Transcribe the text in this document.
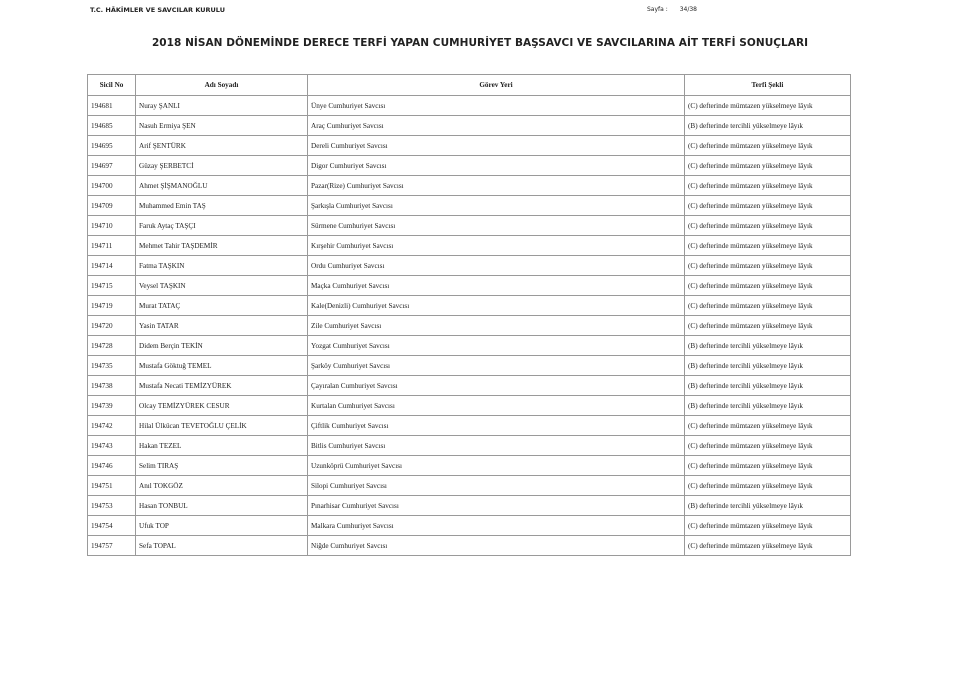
T.C. HÂKİMLER VE SAVCILAR KURULU	Sayfa : 34/38
2018 NİSAN DÖNEMİNDE DERECE TERFİ YAPAN CUMHURİYET BAŞSAVCI VE SAVCILARINA AİT TERFİ SONUÇLARI
Sicil No	Adı Soyadı	Görev Yeri	Terfi Şekli
194681	Nuray ŞANLI	Ünye Cumhuriyet Savcısı	(C) defterinde mümtazen yükselmeye lâyık
194685	Nasuh Ermiya ŞEN	Araç Cumhuriyet Savcısı	(B) defterinde tercihli yükselmeye lâyık
194695	Arif ŞENTÜRK	Dereli Cumhuriyet Savcısı	(C) defterinde mümtazen yükselmeye lâyık
194697	Güzay ŞERBETCİ	Digor Cumhuriyet Savcısı	(C) defterinde mümtazen yükselmeye lâyık
194700	Ahmet ŞİŞMANOĞLU	Pazar(Rize) Cumhuriyet Savcısı	(C) defterinde mümtazen yükselmeye lâyık
194709	Muhammed Emin TAŞ	Şarkışla Cumhuriyet Savcısı	(C) defterinde mümtazen yükselmeye lâyık
194710	Faruk Aytaç TAŞÇI	Sürmene Cumhuriyet Savcısı	(C) defterinde mümtazen yükselmeye lâyık
194711	Mehmet Tahir TAŞDEMİR	Kırşehir Cumhuriyet Savcısı	(C) defterinde mümtazen yükselmeye lâyık
194714	Fatma TAŞKIN	Ordu Cumhuriyet Savcısı	(C) defterinde mümtazen yükselmeye lâyık
194715	Veysel TAŞKIN	Maçka Cumhuriyet Savcısı	(C) defterinde mümtazen yükselmeye lâyık
194719	Murat TATAÇ	Kale(Denizli) Cumhuriyet Savcısı	(C) defterinde mümtazen yükselmeye lâyık
194720	Yasin TATAR	Zile Cumhuriyet Savcısı	(C) defterinde mümtazen yükselmeye lâyık
194728	Didem Berçin TEKİN	Yozgat Cumhuriyet Savcısı	(B) defterinde tercihli yükselmeye lâyık
194735	Mustafa Göktuğ TEMEL	Şarköy Cumhuriyet Savcısı	(B) defterinde tercihli yükselmeye lâyık
194738	Mustafa Necati TEMİZYÜREK	Çayıralan Cumhuriyet Savcısı	(B) defterinde tercihli yükselmeye lâyık
194739	Olcay TEMİZYÜREK CESUR	Kurtalan Cumhuriyet Savcısı	(B) defterinde tercihli yükselmeye lâyık
194742	Hilal Ülkücan TEVETOĞLU ÇELİK	Çiftlik Cumhuriyet Savcısı	(C) defterinde mümtazen yükselmeye lâyık
194743	Hakan TEZEL	Bitlis Cumhuriyet Savcısı	(C) defterinde mümtazen yükselmeye lâyık
194746	Selim TIRAŞ	Uzunköprü Cumhuriyet Savcısı	(C) defterinde mümtazen yükselmeye lâyık
194751	Anıl TOKGÖZ	Silopi Cumhuriyet Savcısı	(C) defterinde mümtazen yükselmeye lâyık
194753	Hasan TONBUL	Pınarhisar Cumhuriyet Savcısı	(B) defterinde tercihli yükselmeye lâyık
194754	Ufuk TOP	Malkara Cumhuriyet Savcısı	(C) defterinde mümtazen yükselmeye lâyık
194757	Sefa TOPAL	Niğde Cumhuriyet Savcısı	(C) defterinde mümtazen yükselmeye lâyık
